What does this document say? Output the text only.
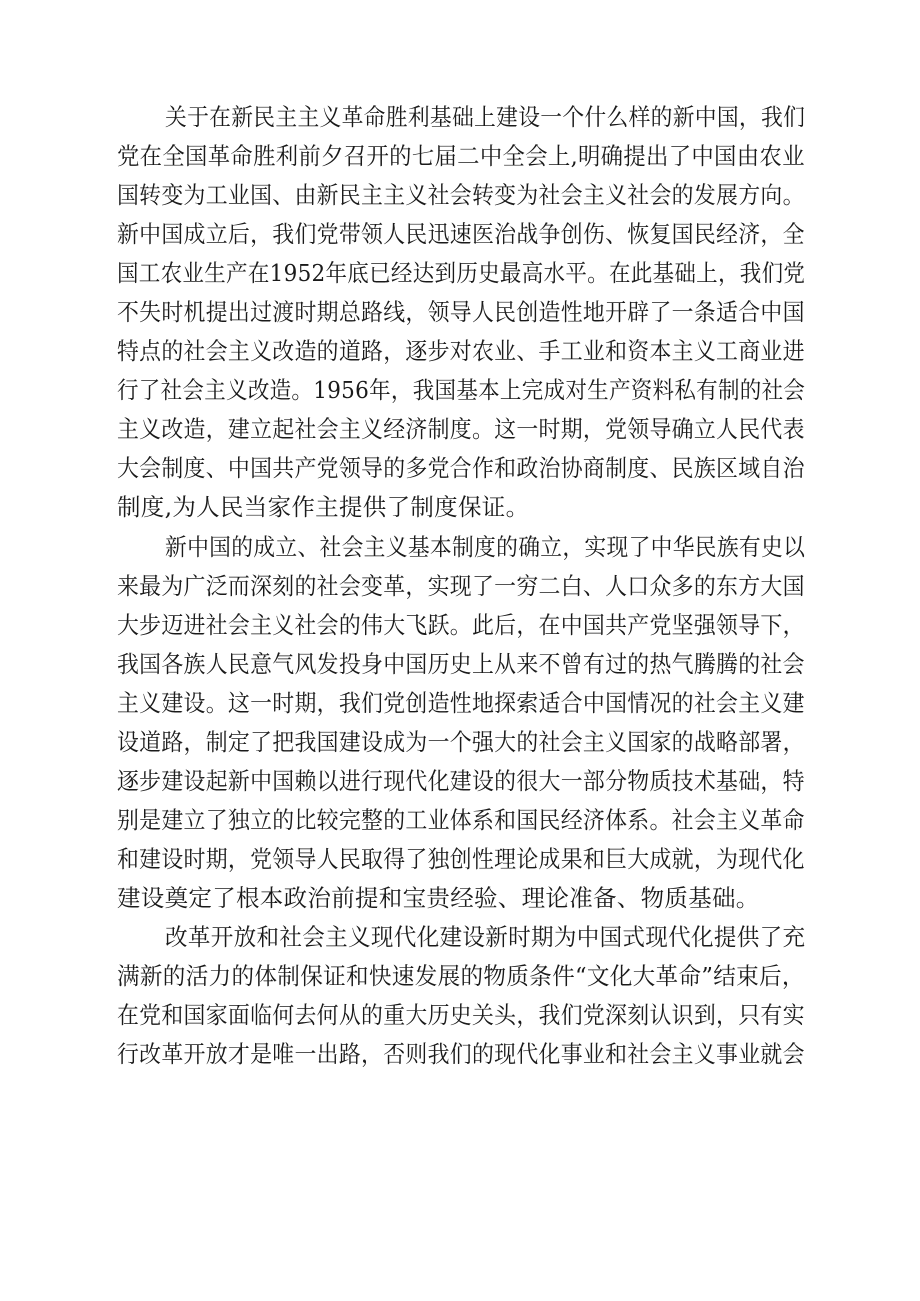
关于在新民主主义革命胜利基础上建设一个什么样的新中国，我们
党在全国革命胜利前夕召开的七届二中全会上,明确提出了中国由农业
国转变为工业国、由新民主主义社会转变为社会主义社会的发展方向。
新中国成立后，我们党带领人民迅速医治战争创伤、恢复国民经济，全
国工农业生产在1952年底已经达到历史最高水平。在此基础上，我们党
不失时机提出过渡时期总路线，领导人民创造性地开辟了一条适合中国
特点的社会主义改造的道路，逐步对农业、手工业和资本主义工商业进
行了社会主义改造。1956年，我国基本上完成对生产资料私有制的社会
主义改造，建立起社会主义经济制度。这一时期，党领导确立人民代表
大会制度、中国共产党领导的多党合作和政治协商制度、民族区域自治
制度,为人民当家作主提供了制度保证。
新中国的成立、社会主义基本制度的确立，实现了中华民族有史以
来最为广泛而深刻的社会变革，实现了一穷二白、人口众多的东方大国
大步迈进社会主义社会的伟大飞跃。此后，在中国共产党坚强领导下，
我国各族人民意气风发投身中国历史上从来不曾有过的热气腾腾的社会
主义建设。这一时期，我们党创造性地探索适合中国情况的社会主义建
设道路，制定了把我国建设成为一个强大的社会主义国家的战略部署，
逐步建设起新中国赖以进行现代化建设的很大一部分物质技术基础，特
别是建立了独立的比较完整的工业体系和国民经济体系。社会主义革命
和建设时期，党领导人民取得了独创性理论成果和巨大成就，为现代化
建设奠定了根本政治前提和宝贵经验、理论准备、物质基础。
改革开放和社会主义现代化建设新时期为中国式现代化提供了充
满新的活力的体制保证和快速发展的物质条件“文化大革命”结束后，
在党和国家面临何去何从的重大历史关头，我们党深刻认识到，只有实
行改革开放才是唯一出路，否则我们的现代化事业和社会主义事业就会
